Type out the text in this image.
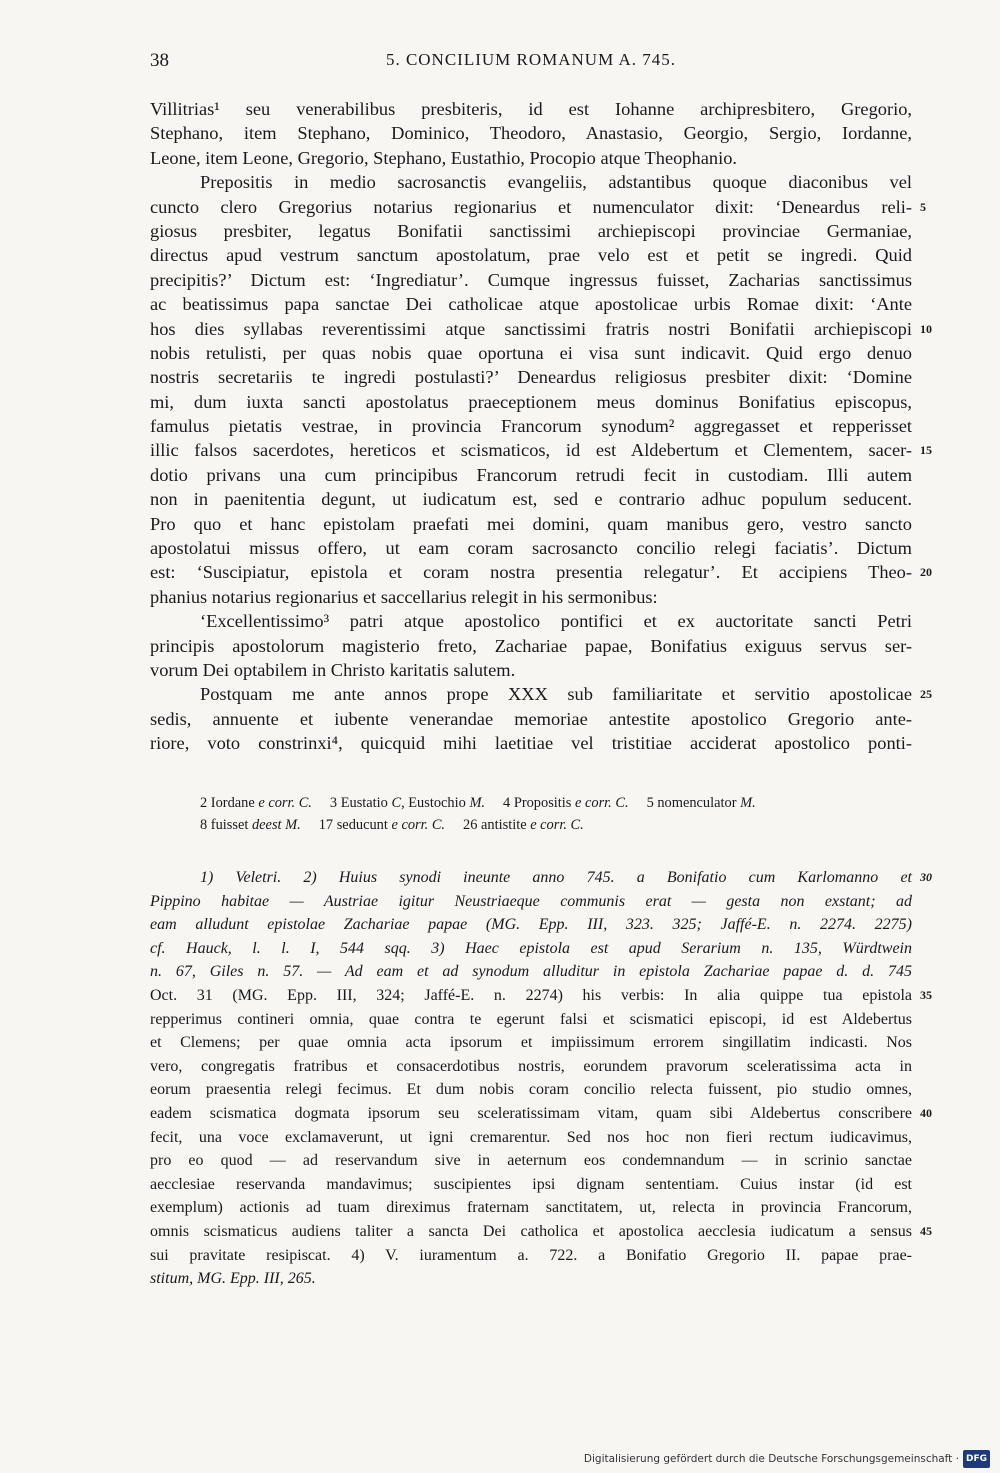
38	5. CONCILIUM ROMANUM A. 745.
Villitrias¹ seu venerabilibus presbiteris, id est Iohanne archipresbitero, Gregorio,
Stephano, item Stephano, Dominico, Theodoro, Anastasio, Georgio, Sergio, Iordanne,
Leone, item Leone, Gregorio, Stephano, Eustathio, Procopio atque Theophanio.
Prepositis in medio sacrosanctis evangeliis, adstantibus quoque diaconibus vel
cuncto clero Gregorius notarius regionarius et numenculator dixit: ‘Deneardus reli- 5
giosus presbiter, legatus Bonifatii sanctissimi archiepiscopi provinciae Germaniae,
directus apud vestrum sanctum apostolatum, prae velo est et petit se ingredi. Quid
precipitis?’ Dictum est: ‘Ingrediatur’. Cumque ingressus fuisset, Zacharias sanctissimus
ac beatissimus papa sanctae Dei catholicae atque apostolicae urbis Romae dixit: ‘Ante
hos dies syllabas reverentissimi atque sanctissimi fratris nostri Bonifatii archiepiscopi 10
nobis retulisti, per quas nobis quae oportuna ei visa sunt indicavit. Quid ergo denuo
nostris secretariis te ingredi postulasti?’ Deneardus religiosus presbiter dixit: ‘Domine
mi, dum iuxta sancti apostolatus praeceptionem meus dominus Bonifatius episcopus,
famulus pietatis vestrae, in provincia Francorum synodum² aggregasset et repperisset
illic falsos sacerdotes, hereticos et scismaticos, id est Aldebertum et Clementem, sacer- 15
dotio privans una cum principibus Francorum retrudi fecit in custodiam. Illi autem
non in paenitentia degunt, ut iudicatum est, sed e contrario adhuc populum seducent.
Pro quo et hanc epistolam praefati mei domini, quam manibus gero, vestro sancto
apostolatui missus offero, ut eam coram sacrosancto concilio relegi faciatis’. Dictum
est: ‘Suscipiatur, epistola et coram nostra presentia relegatur’. Et accipiens Theo- 20
phanius notarius regionarius et saccellarius relegit in his sermonibus:
‘Excellentissimo³ patri atque apostolico pontifici et ex auctoritate sancti Petri
principis apostolorum magisterio freto, Zachariae papae, Bonifatius exiguus servus ser-
vorum Dei optabilem in Christo karitatis salutem.
Postquam me ante annos prope XXX sub familiaritate et servitio apostolicae 25
sedis, annuente et iubente venerandae memoriae antestite apostolico Gregorio ante-
riore, voto constrinxi⁴, quicquid mihi laetitiae vel tristitiae acciderat apostolico ponti-
2 Iordane e corr. C.     3 Eustatio C, Eustochio M.     4 Propositis e corr. C.     5 nomenculator M.
8 fuisset deest M.     17 seducunt e corr. C.     26 antistite e corr. C.
1) Veletri. 2) Huius synodi ineunte anno 745. a Bonifatio cum Karlomanno et 30
Pippino habitae — Austriae igitur Neustriaeque communis erat — gesta non exstant; ad
eam alludunt epistolae Zachariae papae (MG. Epp. III, 323. 325; Jaffé-E. n. 2274. 2275)
cf. Hauck, l. l. I, 544 sqq. 3) Haec epistola est apud Serarium n. 135, Würdtwein
n. 67, Giles n. 57. — Ad eam et ad synodum alluditur in epistola Zachariae papae d. d. 745
Oct. 31 (MG. Epp. III, 324; Jaffé-E. n. 2274) his verbis: In alia quippe tua epistola 35
repperimus contineri omnia, quae contra te egerunt falsi et scismatici episcopi, id est Aldebertus
et Clemens; per quae omnia acta ipsorum et impiissimum errorem singillatim indicasti. Nos
vero, congregatis fratribus et consacerdotibus nostris, eorundem pravorum sceleratissima acta in
eorum praesentia relegi fecimus. Et dum nobis coram concilio relecta fuissent, pio studio omnes,
eadem scismatica dogmata ipsorum seu sceleratissimam vitam, quam sibi Aldebertus conscribere 40
fecit, una voce exclamaverunt, ut igni cremarentur. Sed nos hoc non fieri rectum iudicavimus,
pro eo quod — ad reservandum sive in aeternum eos condemnandum — in scrinio sanctae
aecclesiae reservanda mandavimus; suscipientes ipsi dignam sententiam. Cuius instar (id est
exemplum) actionis ad tuam direximus fraternam sanctitatem, ut, relecta in provincia Francorum,
omnis scismaticus audiens taliter a sancta Dei catholica et apostolica aecclesia iudicatum a sensus 45
sui pravitate resipiscat. 4) V. iuramentum a. 722. a Bonifatio Gregorio II. papae prae-
stitum, MG. Epp. III, 265.
Digitalisierung gefördert durch die Deutsche Forschungsgemeinschaft · DFG
